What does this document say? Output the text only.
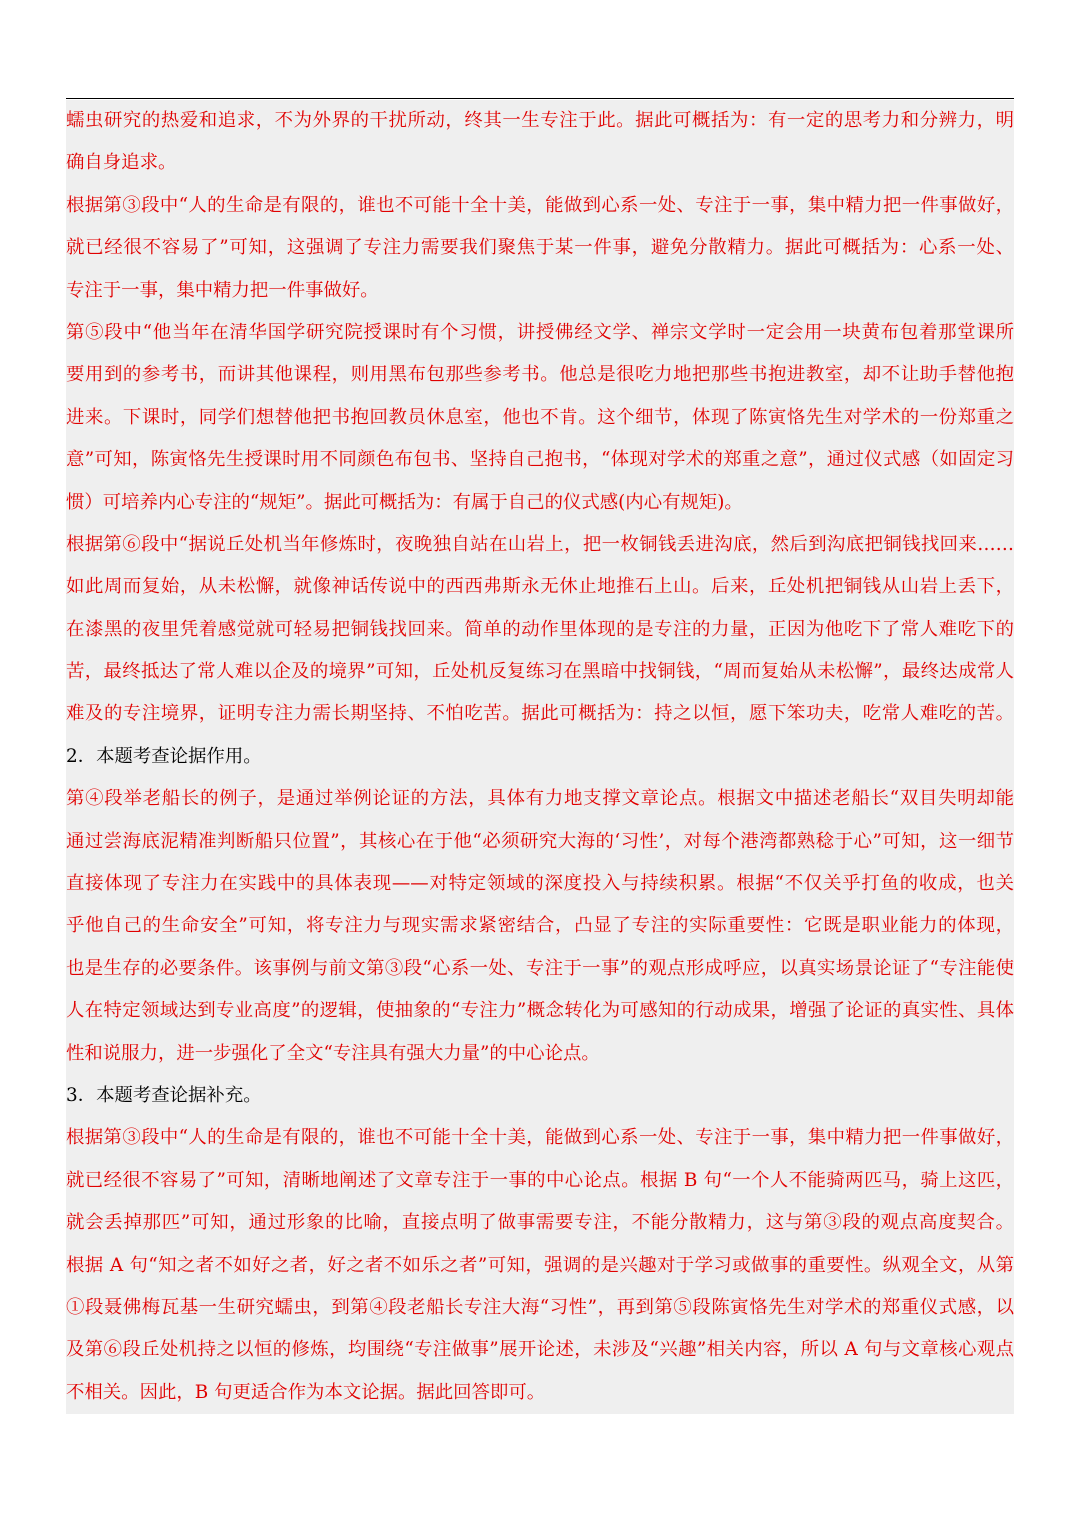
蠕虫研究的热爱和追求，不为外界的干扰所动，终其一生专注于此。据此可概括为：有一定的思考力和分辨力，明
确自身追求。
根据第③段中“人的生命是有限的，谁也不可能十全十美，能做到心系一处、专注于一事，集中精力把一件事做好，
就已经很不容易了”可知，这强调了专注力需要我们聚焦于某一件事，避免分散精力。据此可概括为：心系一处、
专注于一事，集中精力把一件事做好。
第⑤段中“他当年在清华国学研究院授课时有个习惯，讲授佛经文学、禅宗文学时一定会用一块黄布包着那堂课所
要用到的参考书，而讲其他课程，则用黑布包那些参考书。他总是很吃力地把那些书抱进教室，却不让助手替他抱
进来。下课时，同学们想替他把书抱回教员休息室，他也不肯。这个细节，体现了陈寅恪先生对学术的一份郑重之
意”可知，陈寅恪先生授课时用不同颜色布包书、坚持自己抱书，“体现对学术的郑重之意”，通过仪式感（如固定习
惯）可培养内心专注的“规矩”。据此可概括为：有属于自己的仪式感(内心有规矩)。
根据第⑥段中“据说丘处机当年修炼时，夜晚独自站在山岩上，把一枚铜钱丢进沟底，然后到沟底把铜钱找回来……
如此周而复始，从未松懈，就像神话传说中的西西弗斯永无休止地推石上山。后来，丘处机把铜钱从山岩上丢下，
在漆黑的夜里凭着感觉就可轻易把铜钱找回来。简单的动作里体现的是专注的力量，正因为他吃下了常人难吃下的
苦，最终抵达了常人难以企及的境界”可知，丘处机反复练习在黑暗中找铜钱，“周而复始从未松懈”，最终达成常人
难及的专注境界，证明专注力需长期坚持、不怕吃苦。据此可概括为：持之以恒，愿下笨功夫，吃常人难吃的苦。
2．本题考查论据作用。
第④段举老船长的例子，是通过举例论证的方法，具体有力地支撑文章论点。根据文中描述老船长“双目失明却能
通过尝海底泥精准判断船只位置”，其核心在于他“必须研究大海的‘习性’，对每个港湾都熟稔于心”可知，这一细节
直接体现了专注力在实践中的具体表现——对特定领域的深度投入与持续积累。根据“不仅关乎打鱼的收成，也关
乎他自己的生命安全”可知，将专注力与现实需求紧密结合，凸显了专注的实际重要性：它既是职业能力的体现，
也是生存的必要条件。该事例与前文第③段“心系一处、专注于一事”的观点形成呼应，以真实场景论证了“专注能使
人在特定领域达到专业高度”的逻辑，使抽象的“专注力”概念转化为可感知的行动成果，增强了论证的真实性、具体
性和说服力，进一步强化了全文“专注具有强大力量”的中心论点。
3．本题考查论据补充。
根据第③段中“人的生命是有限的，谁也不可能十全十美，能做到心系一处、专注于一事，集中精力把一件事做好，
就已经很不容易了”可知，清晰地阐述了文章专注于一事的中心论点。根据 B 句“一个人不能骑两匹马，骑上这匹，
就会丢掉那匹”可知，通过形象的比喻，直接点明了做事需要专注，不能分散精力，这与第③段的观点高度契合。
根据 A 句“知之者不如好之者，好之者不如乐之者”可知，强调的是兴趣对于学习或做事的重要性。纵观全文，从第
①段聂佛梅瓦基一生研究蠕虫，到第④段老船长专注大海“习性”，再到第⑤段陈寅恪先生对学术的郑重仪式感，以
及第⑥段丘处机持之以恒的修炼，均围绕“专注做事”展开论述，未涉及“兴趣”相关内容，所以 A 句与文章核心观点
不相关。因此，B 句更适合作为本文论据。据此回答即可。
